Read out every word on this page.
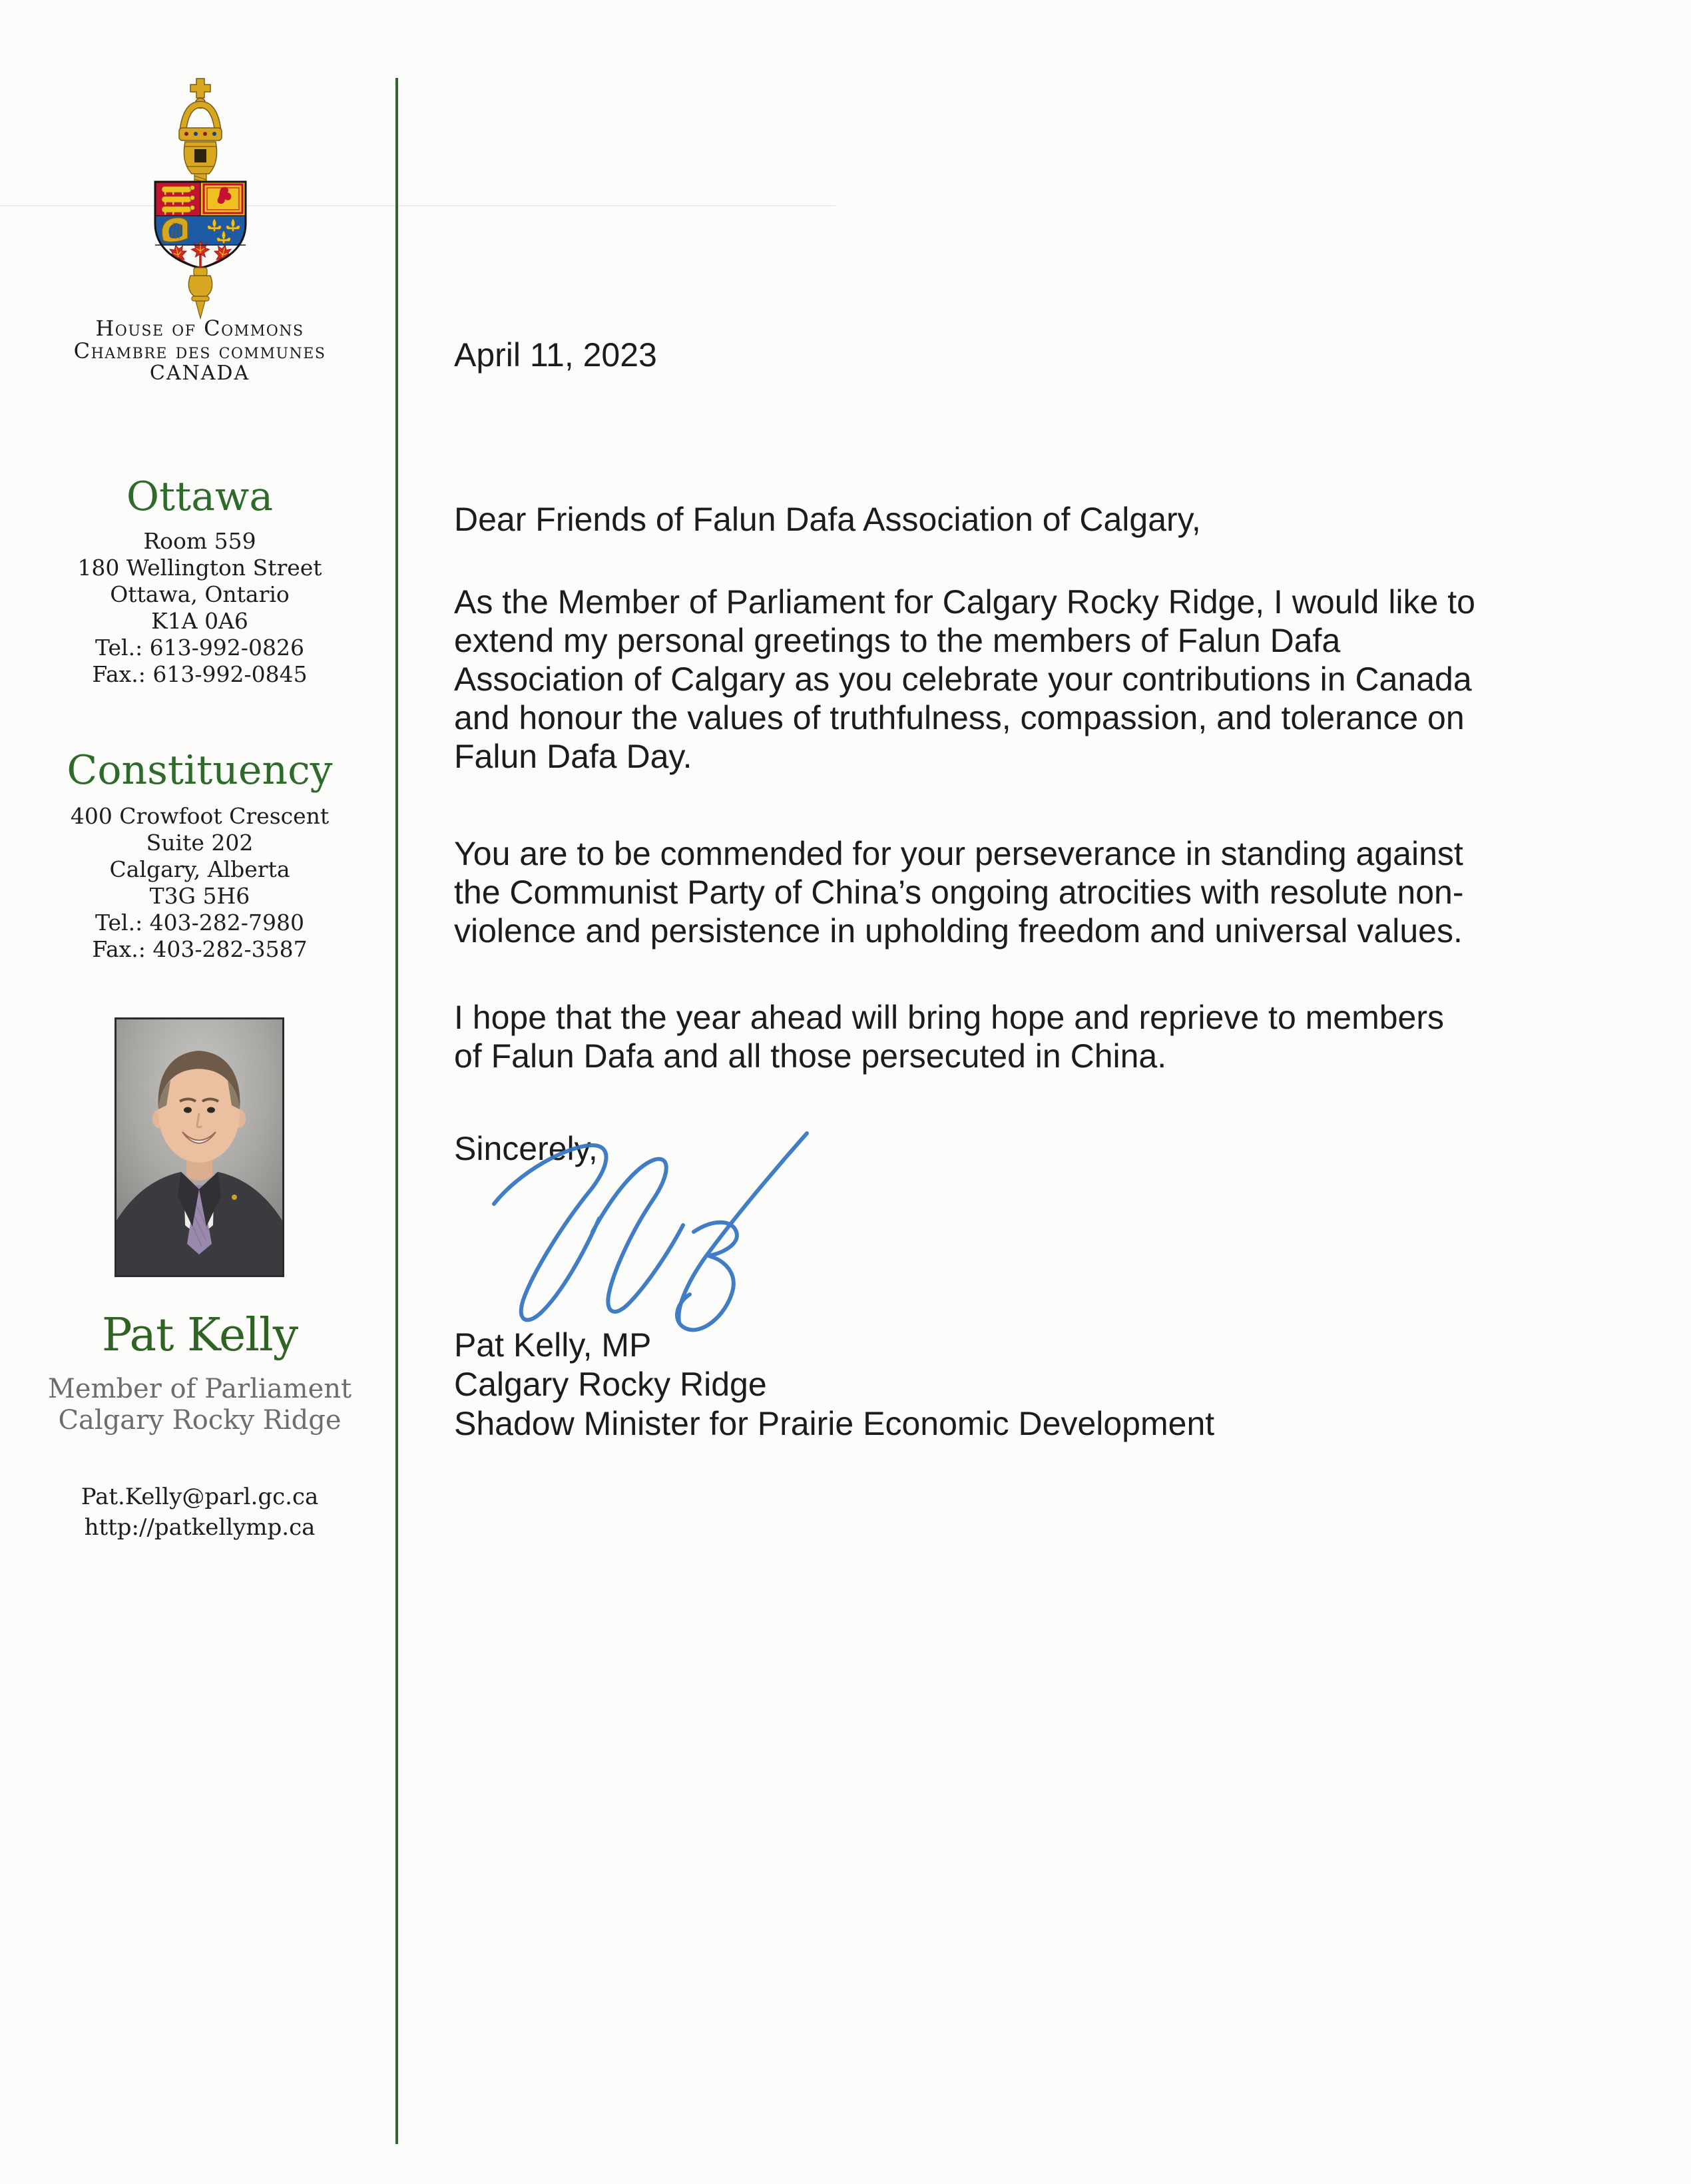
House of Commons
Chambre des communes
CANADA
Ottawa
Room 559
180 Wellington Street
Ottawa, Ontario
K1A 0A6
Tel.: 613-992-0826
Fax.: 613-992-0845
Constituency
400 Crowfoot Crescent
Suite 202
Calgary, Alberta
T3G 5H6
Tel.: 403-282-7980
Fax.: 403-282-3587
Pat Kelly
Member of Parliament
Calgary Rocky Ridge
Pat.Kelly@parl.gc.ca
http://patkellymp.ca
April 11, 2023
Dear Friends of Falun Dafa Association of Calgary,
As the Member of Parliament for Calgary Rocky Ridge, I would like to
extend my personal greetings to the members of Falun Dafa
Association of Calgary as you celebrate your contributions in Canada
and honour the values of truthfulness, compassion, and tolerance on
Falun Dafa Day.
You are to be commended for your perseverance in standing against
the Communist Party of China’s ongoing atrocities with resolute non-
violence and persistence in upholding freedom and universal values.
I hope that the year ahead will bring hope and reprieve to members
of Falun Dafa and all those persecuted in China.
Sincerely,
Pat Kelly, MP
Calgary Rocky Ridge
Shadow Minister for Prairie Economic Development
